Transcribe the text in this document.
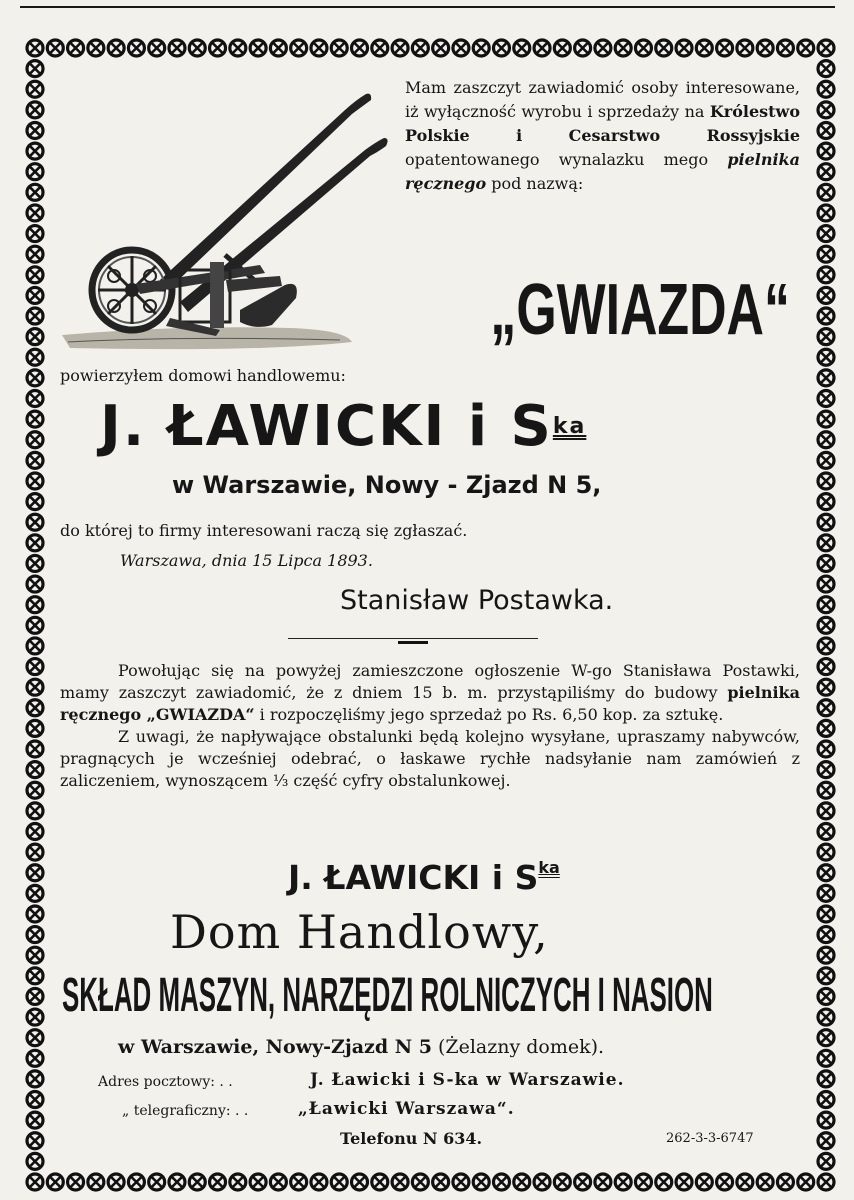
Mam zaszczyt zawiadomić osoby interesowane, iż wyłączność wyrobu i sprzedaży na Królestwo Polskie i Cesarstwo Rossyjskie opatentowanego wynalazku mego pielnika ręcznego pod nazwą:
„GWIAZDA“
powierzyłem domowi handlowemu:
J. ŁAWICKI i $S^{ka}$
w Warszawie, Nowy - Zjazd N 5,
do której to firmy interesowani raczą się zgłaszać.
Warszawa, dnia 15 Lipca 1893.
Stanisław Postawka.

Powołując się na powyżej zamieszczone ogłoszenie W-go Stanisława Postawki, mamy zaszczyt zawiadomić, że z dniem 15 b. m. przystąpiliśmy do budowy pielnika ręcznego „GWIAZDA“ i rozpoczęliśmy jego sprzedaż po Rs. 6,50 kop. za sztukę.

Z uwagi, że napływające obstalunki będą kolejno wysyłane, upraszamy nabywców, pragnących je wcześniej odebrać, o łaskawe rychłe nadsyłanie nam zamówień z zaliczeniem, wynoszącem ⅓ część cyfry obstalunkowej.

J. ŁAWICKI i $S^{ka}$
Dom Handlowy,
SKŁAD MASZYN, NARZĘDZI ROLNICZYCH I NASION
w Warszawie, Nowy-Zjazd N 5 (Żelazny domek).
Adres pocztowy: . .	J. Ławicki i S-ka w Warszawie.
„ telegraficzny: . .	„Ławicki Warszawa“.
Telefonu N 634.	262-3-3-6747
